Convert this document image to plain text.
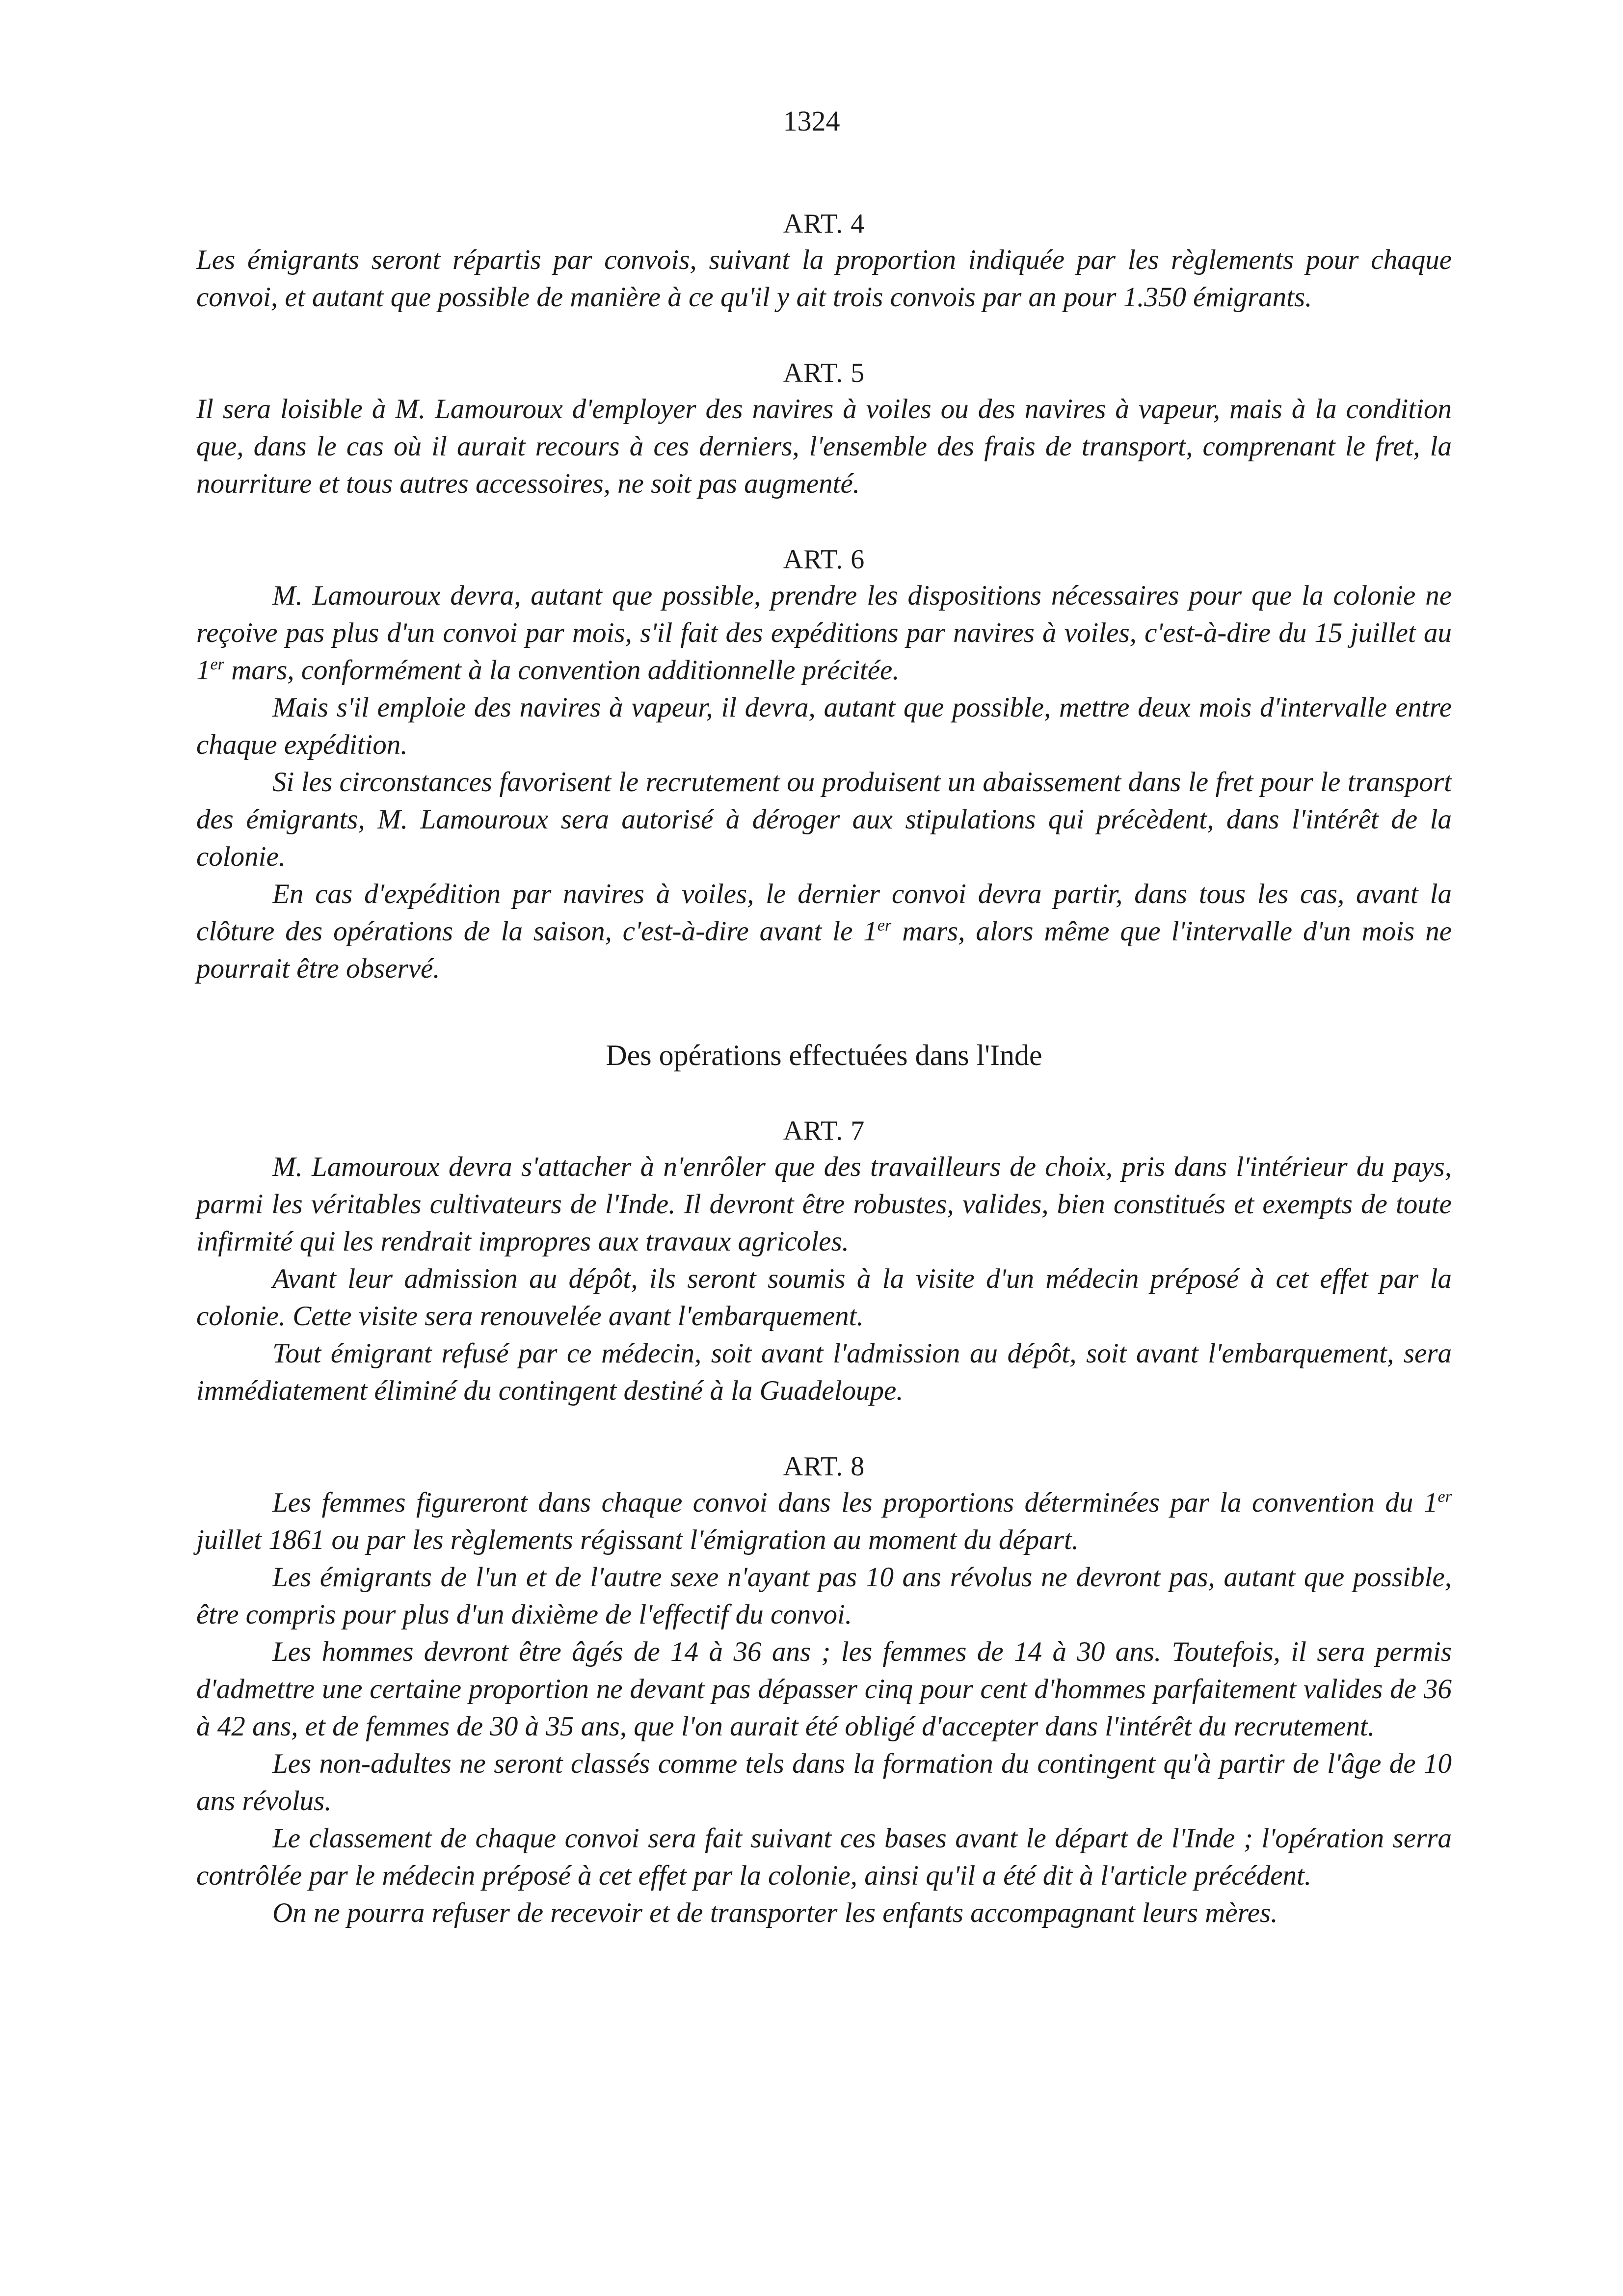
1324
ART. 4

Les émigrants seront répartis par convois, suivant la proportion indiquée par les règlements pour chaque convoi, et autant que possible de manière à ce qu'il y ait trois convois par an pour 1.350 émigrants.

ART. 5

Il sera loisible à M. Lamouroux d'employer des navires à voiles ou des navires à vapeur, mais à la condition que, dans le cas où il aurait recours à ces derniers, l'ensemble des frais de transport, comprenant le fret, la nourriture et tous autres accessoires, ne soit pas augmenté.

ART. 6

M. Lamouroux devra, autant que possible, prendre les dispositions nécessaires pour que la colonie ne reçoive pas plus d'un convoi par mois, s'il fait des expéditions par navires à voiles, c'est-à-dire du 15 juillet au 1er mars, conformément à la convention additionnelle précitée.

Mais s'il emploie des navires à vapeur, il devra, autant que possible, mettre deux mois d'intervalle entre chaque expédition.

Si les circonstances favorisent le recrutement ou produisent un abaissement dans le fret pour le transport des émigrants, M. Lamouroux sera autorisé à déroger aux stipulations qui précèdent, dans l'intérêt de la colonie.

En cas d'expédition par navires à voiles, le dernier convoi devra partir, dans tous les cas, avant la clôture des opérations de la saison, c'est-à-dire avant le 1er mars, alors même que l'intervalle d'un mois ne pourrait être observé.

Des opérations effectuées dans l'Inde
ART. 7

M. Lamouroux devra s'attacher à n'enrôler que des travailleurs de choix, pris dans l'intérieur du pays, parmi les véritables cultivateurs de l'Inde. Il devront être robustes, valides, bien constitués et exempts de toute infirmité qui les rendrait impropres aux travaux agricoles.

Avant leur admission au dépôt, ils seront soumis à la visite d'un médecin préposé à cet effet par la colonie. Cette visite sera renouvelée avant l'embarquement.

Tout émigrant refusé par ce médecin, soit avant l'admission au dépôt, soit avant l'embarquement, sera immédiatement éliminé du contingent destiné à la Guadeloupe.

ART. 8

Les femmes figureront dans chaque convoi dans les proportions déterminées par la convention du 1er juillet 1861 ou par les règlements régissant l'émigration au moment du départ.

Les émigrants de l'un et de l'autre sexe n'ayant pas 10 ans révolus ne devront pas, autant que possible, être compris pour plus d'un dixième de l'effectif du convoi.

Les hommes devront être âgés de 14 à 36 ans ; les femmes de 14 à 30 ans. Toutefois, il sera permis d'admettre une certaine proportion ne devant pas dépasser cinq pour cent d'hommes parfaitement valides de 36 à 42 ans, et de femmes de 30 à 35 ans, que l'on aurait été obligé d'accepter dans l'intérêt du recrutement.

Les non-adultes ne seront classés comme tels dans la formation du contingent qu'à partir de l'âge de 10 ans révolus.

Le classement de chaque convoi sera fait suivant ces bases avant le départ de l'Inde ; l'opération serra contrôlée par le médecin préposé à cet effet par la colonie, ainsi qu'il a été dit à l'article précédent.

On ne pourra refuser de recevoir et de transporter les enfants accompagnant leurs mères.
